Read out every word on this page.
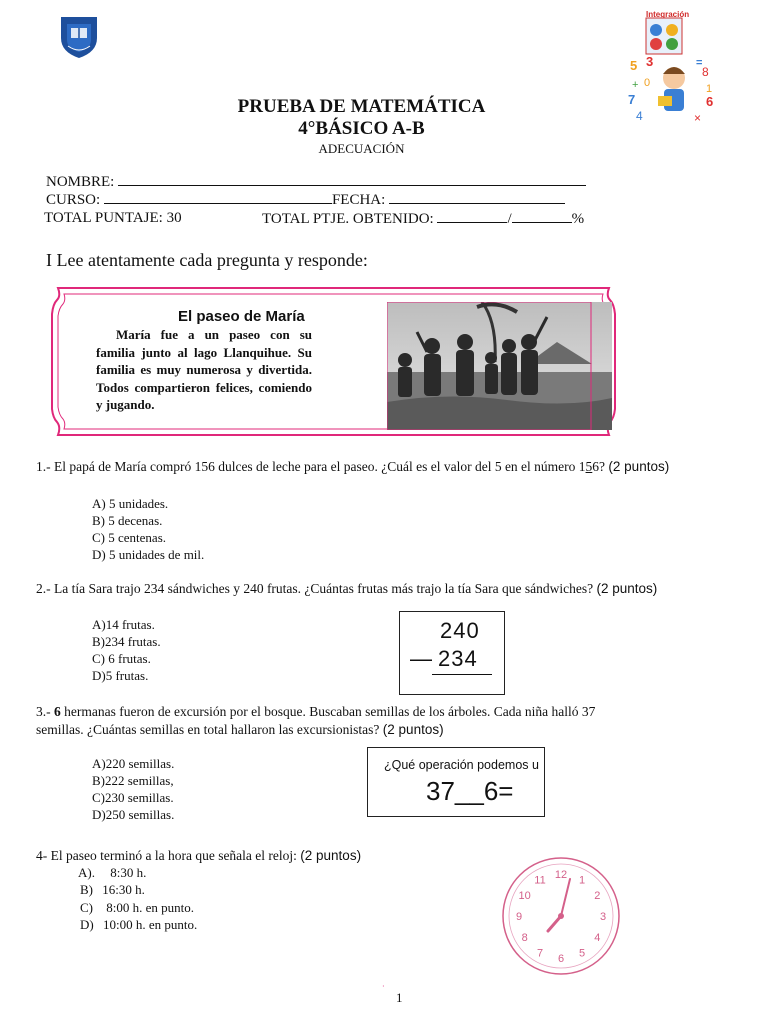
5 3	=
8
7	6
4	×
1
+ 0
Integración
PRUEBA DE MATEMÁTICA
4°BÁSICO A-B
ADECUACIÓN
NOMBRE:
CURSO:	FECHA:
TOTAL PUNTAJE: 30	TOTAL PTJE. OBTENIDO:	/	%
I Lee atentamente cada pregunta y responde:
El paseo de María
María fue a un paseo con su familia junto al lago Llanquihue. Su familia es muy numerosa y divertida. Todos compartieron felices, comiendo y jugando.
1.- El papá de María compró 156 dulces de leche para el paseo. ¿Cuál es el valor del 5 en el número 156? (2 puntos)
A) 5 unidades.
B) 5 decenas.
C) 5 centenas.
D) 5 unidades de mil.
2.- La tía Sara trajo 234 sándwiches y 240 frutas. ¿Cuántas frutas más trajo la tía Sara que sándwiches? (2 puntos)
A)14 frutas.
B)234 frutas.
C) 6 frutas.
D)5 frutas.
240
— 234
3.- 6 hermanas fueron de excursión por el bosque. Buscaban semillas de los árboles. Cada niña halló 37
semillas. ¿Cuántas semillas en total hallaron las excursionistas? (2 puntos)
A)220 semillas.
B)222 semillas,
C)230 semillas.
D)250 semillas.
¿Qué operación podemos u
37__6=
4- El paseo terminó a la hora que señala el reloj: (2 puntos)
A). 8:30 h.
B) 16:30 h.
C) 8:00 h. en punto.
D) 10:00 h. en punto.
12 1
2
3
4
5
6
7
8
9
10
11
1
·
